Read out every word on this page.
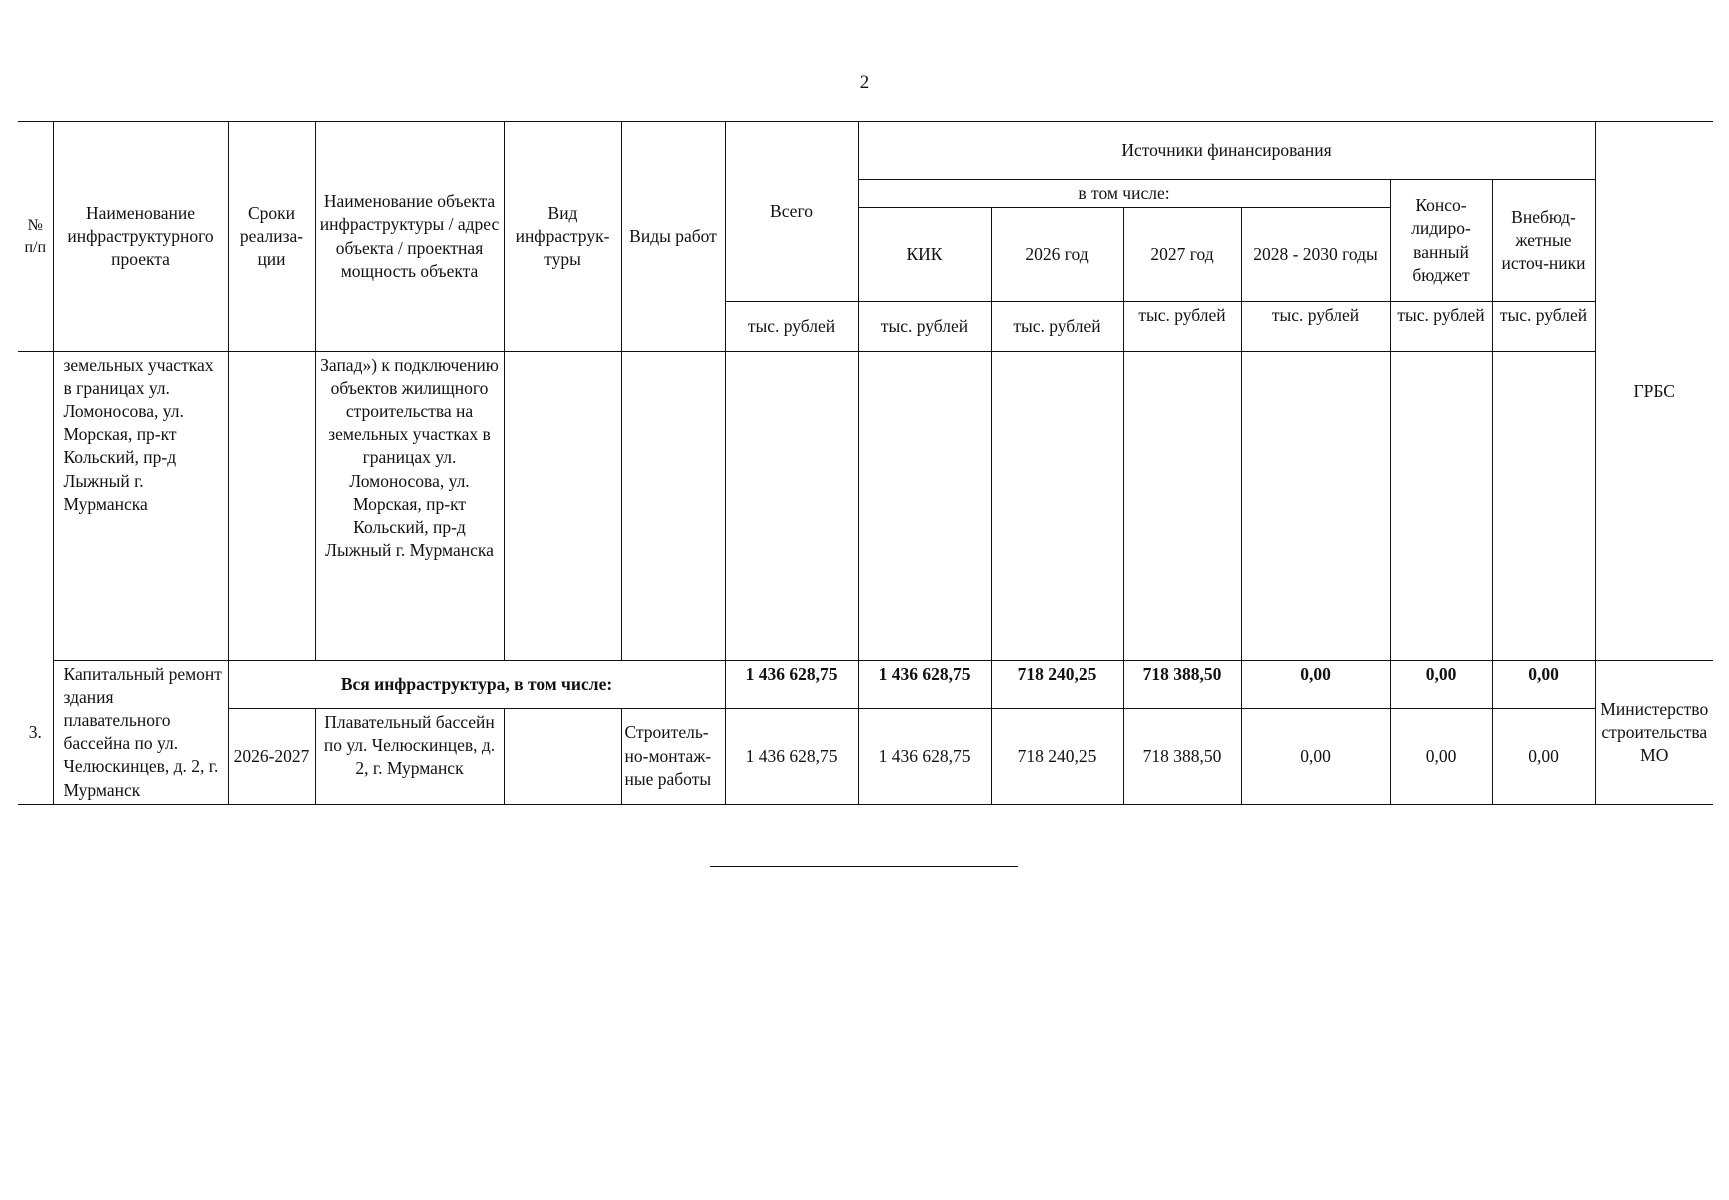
2
№ п/п	Наименование инфраструктурного проекта	Сроки реализа-ции	Наименование объекта инфраструктуры / адрес объекта / проектная мощность объекта	Вид инфраструк-туры	Виды работ	Всего	Источники финансирования						ГРБС
							в том числе:				Консо-лидиро-ванный бюджет	Внебюд-жетные источ-ники	
							КИК	2026 год	2027 год	2028 - 2030 годы			
						тыс. рублей	тыс. рублей	тыс. рублей	тыс. рублей	тыс. рублей	тыс. рублей	тыс. рублей	
	земельных участках в границах ул. Ломоносова, ул. Морская, пр-кт Кольский, пр-д Лыжный г. Мурманска		Запад») к подключению объектов жилищного строительства на земельных участках в границах ул. Ломоносова, ул. Морская, пр-кт Кольский, пр-д Лыжный г. Мурманска										
3.	Капитальный ремонт здания плавательного бассейна по ул. Челюскинцев, д. 2, г. Мурманск	Вся инфраструктура, в том числе:				1 436 628,75	1 436 628,75	718 240,25	718 388,50	0,00	0,00	0,00	Министерство строительства МО
		2026-2027	Плавательный бассейн по ул. Челюскинцев, д. 2, г. Мурманск		Строитель-но-монтаж-ные работы	1 436 628,75	1 436 628,75	718 240,25	718 388,50	0,00	0,00	0,00	
